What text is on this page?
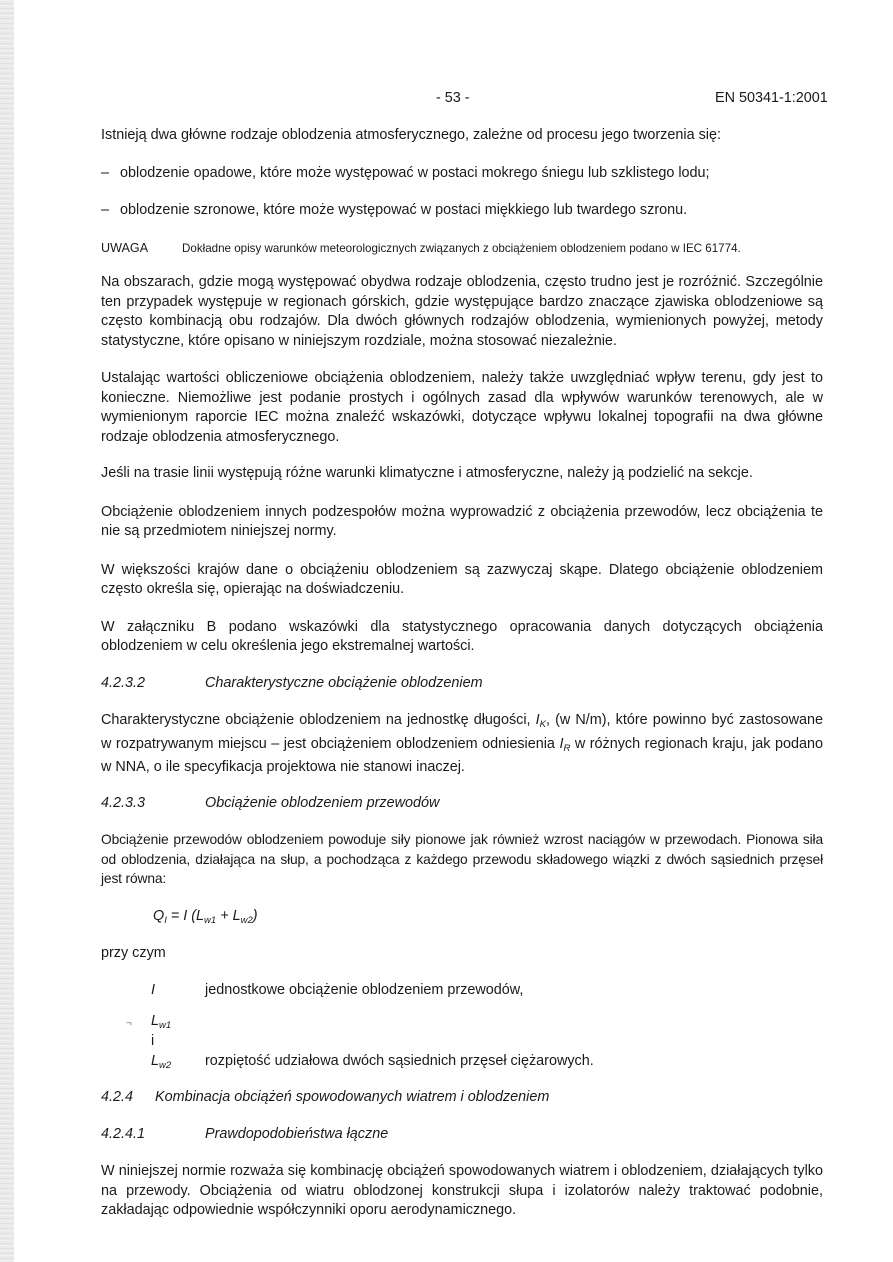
- 53 -	EN 50341-1:2001

Istnieją dwa główne rodzaje oblodzenia atmosferycznego, zależne od procesu jego tworzenia się:

– oblodzenie opadowe, które może występować w postaci mokrego śniegu lub szklistego lodu;
– oblodzenie szronowe, które może występować w postaci miękkiego lub twardego szronu.

UWAGA	Dokładne opisy warunków meteorologicznych związanych z obciążeniem oblodzeniem podano w IEC 61774.

Na obszarach, gdzie mogą występować obydwa rodzaje oblodzenia, często trudno jest je rozróżnić. Szczególnie ten przypadek występuje w regionach górskich, gdzie występujące bardzo znaczące zjawiska oblodzeniowe są często kombinacją obu rodzajów. Dla dwóch głównych rodzajów oblodzenia, wymienionych powyżej, metody statystyczne, które opisano w niniejszym rozdziale, można stosować niezależnie.

Ustalając wartości obliczeniowe obciążenia oblodzeniem, należy także uwzględniać wpływ terenu, gdy jest to konieczne. Niemożliwe jest podanie prostych i ogólnych zasad dla wpływów warunków terenowych, ale w wymienionym raporcie IEC można znaleźć wskazówki, dotyczące wpływu lokalnej topografii na dwa główne rodzaje oblodzenia atmosferycznego.

Jeśli na trasie linii występują różne warunki klimatyczne i atmosferyczne, należy ją podzielić na sekcje.

Obciążenie oblodzeniem innych podzespołów można wyprowadzić z obciążenia przewodów, lecz obciążenia te nie są przedmiotem niniejszej normy.

W większości krajów dane o obciążeniu oblodzeniem są zazwyczaj skąpe. Dlatego obciążenie oblodzeniem często określa się, opierając na doświadczeniu.

W załączniku B podano wskazówki dla statystycznego opracowania danych dotyczących obciążenia oblodzeniem w celu określenia jego ekstremalnej wartości.

4.2.3.2	Charakterystyczne obciążenie oblodzeniem

Charakterystyczne obciążenie oblodzeniem na jednostkę długości, $I_K$, (w N/m), które powinno być zastosowane w rozpatrywanym miejscu – jest obciążeniem oblodzeniem odniesienia $I_R$ w różnych regionach kraju, jak podano w NNA, o ile specyfikacja projektowa nie stanowi inaczej.

4.2.3.3	Obciążenie oblodzeniem przewodów

Obciążenie przewodów oblodzeniem powoduje siły pionowe jak również wzrost naciągów w przewodach. Pionowa siła od oblodzenia, działająca na słup, a pochodząca z każdego przewodu składowego wiązki z dwóch sąsiednich przęseł jest równa:

$Q_I = I$ $(L_{w1} + L_{w2})$

przy czym

I	jednostkowe obciążenie oblodzeniem przewodów,
¬ $L_{w1}$
i
$L_{w2}$ rozpiętość udziałowa dwóch sąsiednich przęseł ciężarowych.

4.2.4 Kombinacja obciążeń spowodowanych wiatrem i oblodzeniem

4.2.4.1	Prawdopodobieństwa łączne

W niniejszej normie rozważa się kombinację obciążeń spowodowanych wiatrem i oblodzeniem, działających tylko na przewody. Obciążenia od wiatru oblodzonej konstrukcji słupa i izolatorów należy traktować podobnie, zakładając odpowiednie współczynniki oporu aerodynamicznego.
